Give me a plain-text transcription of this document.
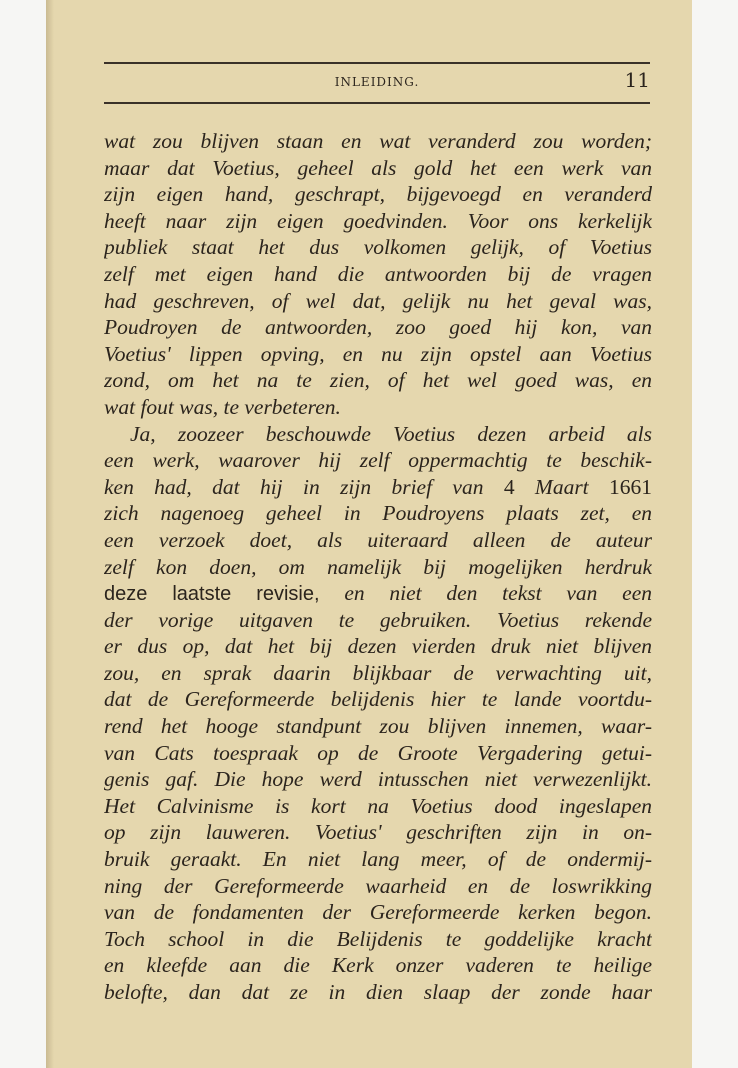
INLEIDING.	11
wat zou blijven staan en wat veranderd zou worden;
maar dat Voetius, geheel als gold het een werk van
zijn eigen hand, geschrapt, bijgevoegd en veranderd
heeft naar zijn eigen goedvinden. Voor ons kerkelijk
publiek staat het dus volkomen gelijk, of Voetius
zelf met eigen hand die antwoorden bij de vragen
had geschreven, of wel dat, gelijk nu het geval was,
Poudroyen de antwoorden, zoo goed hij kon, van
Voetius' lippen opving, en nu zijn opstel aan Voetius
zond, om het na te zien, of het wel goed was, en
wat fout was, te verbeteren.
Ja, zoozeer beschouwde Voetius dezen arbeid als
een werk, waarover hij zelf oppermachtig te beschik-
ken had, dat hij in zijn brief van 4 Maart 1661
zich nagenoeg geheel in Poudroyens plaats zet, en
een verzoek doet, als uiteraard alleen de auteur
zelf kon doen, om namelijk bij mogelijken herdruk
deze laatste revisie, en niet den tekst van een
der vorige uitgaven te gebruiken. Voetius rekende
er dus op, dat het bij dezen vierden druk niet blijven
zou, en sprak daarin blijkbaar de verwachting uit,
dat de Gereformeerde belijdenis hier te lande voortdu-
rend het hooge standpunt zou blijven innemen, waar-
van Cats toespraak op de Groote Vergadering getui-
genis gaf. Die hope werd intusschen niet verwezenlijkt.
Het Calvinisme is kort na Voetius dood ingeslapen
op zijn lauweren. Voetius' geschriften zijn in on-
bruik geraakt. En niet lang meer, of de ondermij-
ning der Gereformeerde waarheid en de loswrikking
van de fondamenten der Gereformeerde kerken begon.
Toch school in die Belijdenis te goddelijke kracht
en kleefde aan die Kerk onzer vaderen te heilige
belofte, dan dat ze in dien slaap der zonde haar
